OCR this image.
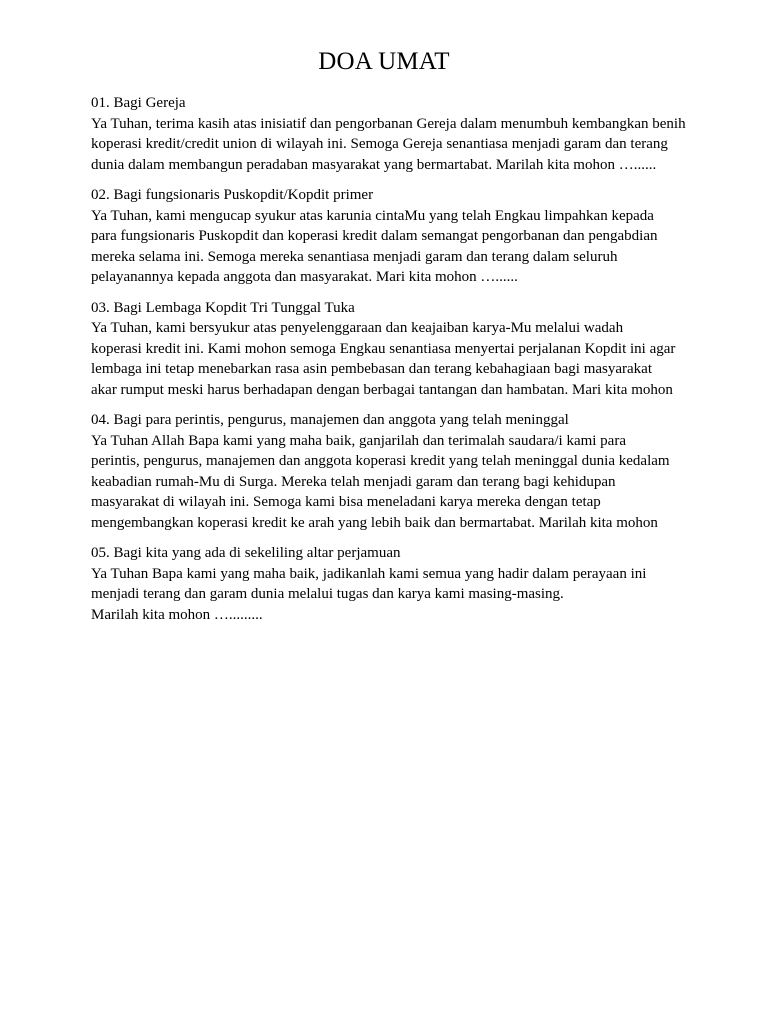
DOA UMAT
01. Bagi Gereja
Ya Tuhan, terima kasih atas inisiatif dan pengorbanan Gereja dalam menumbuh kembangkan benih
koperasi kredit/credit union di wilayah ini. Semoga Gereja senantiasa menjadi garam dan terang
dunia dalam membangun peradaban masyarakat yang bermartabat. Marilah kita mohon …......
02. Bagi fungsionaris Puskopdit/Kopdit primer
Ya Tuhan, kami mengucap syukur atas karunia cintaMu yang telah Engkau limpahkan kepada
para fungsionaris Puskopdit dan koperasi kredit dalam semangat pengorbanan dan pengabdian
mereka selama ini. Semoga mereka senantiasa menjadi garam dan terang dalam seluruh
pelayanannya kepada anggota dan masyarakat. Mari kita mohon …......
03. Bagi Lembaga Kopdit Tri Tunggal Tuka
Ya Tuhan, kami bersyukur atas penyelenggaraan dan keajaiban karya-Mu melalui wadah
koperasi kredit ini. Kami mohon semoga Engkau senantiasa menyertai perjalanan Kopdit ini agar
lembaga ini tetap menebarkan rasa asin pembebasan dan terang kebahagiaan bagi masyarakat
akar rumput meski harus berhadapan dengan berbagai tantangan dan hambatan. Mari kita mohon
04. Bagi para perintis, pengurus, manajemen dan anggota yang telah meninggal
Ya Tuhan Allah Bapa kami yang maha baik, ganjarilah dan terimalah saudara/i kami para
perintis, pengurus, manajemen dan anggota koperasi kredit yang telah meninggal dunia kedalam
keabadian rumah-Mu di Surga. Mereka telah menjadi garam dan terang bagi kehidupan
masyarakat di wilayah ini. Semoga kami bisa meneladani karya mereka dengan tetap
mengembangkan koperasi kredit ke arah yang lebih baik dan bermartabat. Marilah kita mohon
05. Bagi kita yang ada di sekeliling altar perjamuan
Ya Tuhan Bapa kami yang maha baik, jadikanlah kami semua yang hadir dalam perayaan ini
menjadi terang dan garam dunia melalui tugas dan karya kami masing-masing.
Marilah kita mohon ….........
